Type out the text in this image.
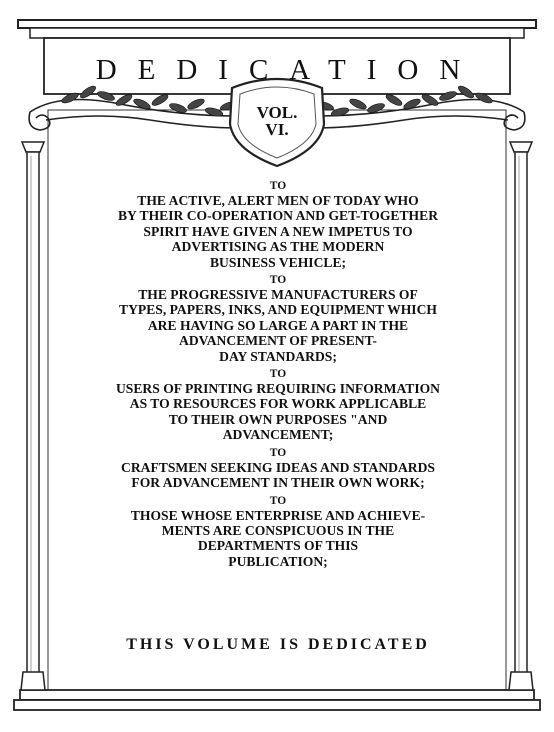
DEDICATION
VOL.
VI.

TO

THE ACTIVE, ALERT MEN OF TODAY WHO

BY THEIR CO-OPERATION AND GET-TOGETHER

SPIRIT HAVE GIVEN A NEW IMPETUS TO

ADVERTISING AS THE MODERN

BUSINESS VEHICLE;

TO

THE PROGRESSIVE MANUFACTURERS OF

TYPES, PAPERS, INKS, AND EQUIPMENT WHICH

ARE HAVING SO LARGE A PART IN THE

ADVANCEMENT OF PRESENT-

DAY STANDARDS;

TO

USERS OF PRINTING REQUIRING INFORMATION

AS TO RESOURCES FOR WORK APPLICABLE

TO THEIR OWN PURPOSES "AND

ADVANCEMENT;

TO

CRAFTSMEN SEEKING IDEAS AND STANDARDS

FOR ADVANCEMENT IN THEIR OWN WORK;

TO

THOSE WHOSE ENTERPRISE AND ACHIEVE-

MENTS ARE CONSPICUOUS IN THE

DEPARTMENTS OF THIS

PUBLICATION;

THIS VOLUME IS DEDICATED
